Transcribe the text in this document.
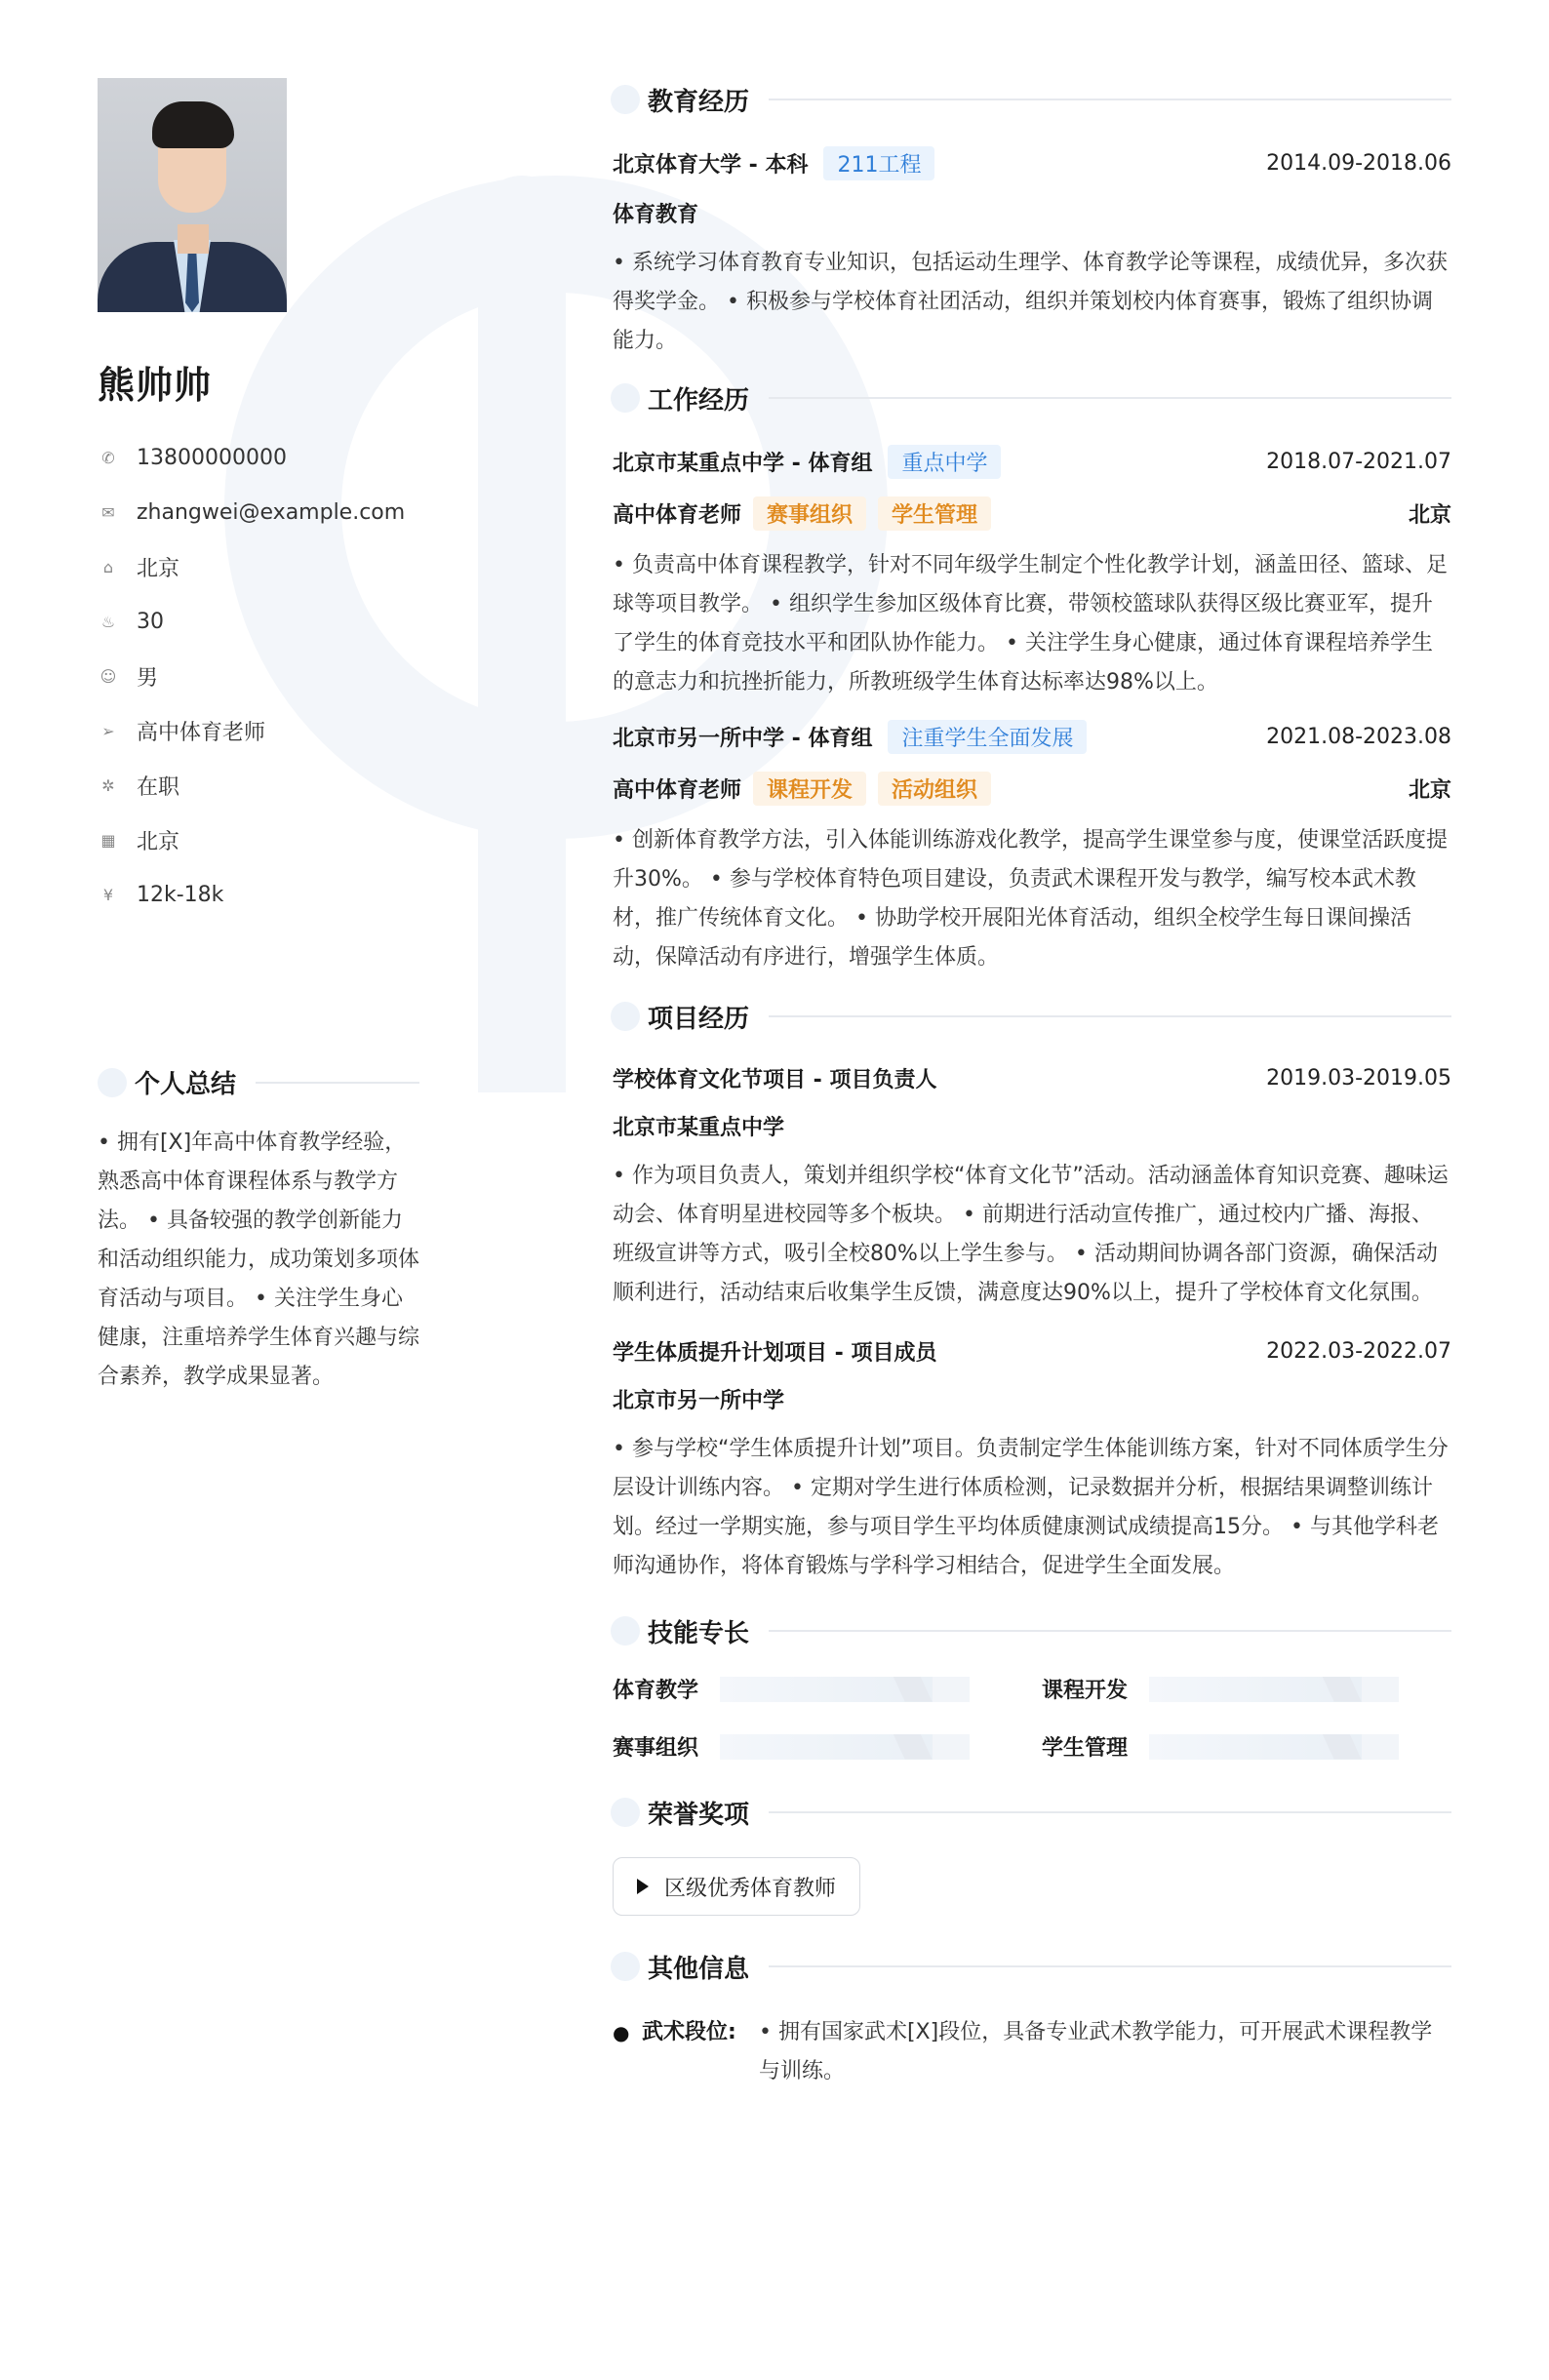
熊帅帅
✆ 13800000000
✉ zhangwei@example.com
⌂ 北京
♨ 30
☺ 男
➢ 高中体育老师
✲ 在职
▦ 北京
¥ 12k-18k
个人总结
• 拥有[X]年高中体育教学经验，熟悉高中体育课程体系与教学方法。 • 具备较强的教学创新能力和活动组织能力，成功策划多项体育活动与项目。 • 关注学生身心健康，注重培养学生体育兴趣与综合素养，教学成果显著。
教育经历
北京体育大学 - 本科	211工程	2014.09-2018.06
体育教育
• 系统学习体育教育专业知识，包括运动生理学、体育教学论等课程，成绩优异，多次获得奖学金。 • 积极参与学校体育社团活动，组织并策划校内体育赛事，锻炼了组织协调能力。
工作经历
北京市某重点中学 - 体育组	重点中学	2018.07-2021.07
高中体育老师	赛事组织	学生管理	北京
• 负责高中体育课程教学，针对不同年级学生制定个性化教学计划，涵盖田径、篮球、足球等项目教学。 • 组织学生参加区级体育比赛，带领校篮球队获得区级比赛亚军，提升了学生的体育竞技水平和团队协作能力。 • 关注学生身心健康，通过体育课程培养学生的意志力和抗挫折能力，所教班级学生体育达标率达98%以上。
北京市另一所中学 - 体育组	注重学生全面发展	2021.08-2023.08
高中体育老师	课程开发	活动组织	北京
• 创新体育教学方法，引入体能训练游戏化教学，提高学生课堂参与度，使课堂活跃度提升30%。 • 参与学校体育特色项目建设，负责武术课程开发与教学，编写校本武术教材，推广传统体育文化。 • 协助学校开展阳光体育活动，组织全校学生每日课间操活动，保障活动有序进行，增强学生体质。
项目经历
学校体育文化节项目 - 项目负责人	2019.03-2019.05
北京市某重点中学
• 作为项目负责人，策划并组织学校“体育文化节”活动。活动涵盖体育知识竞赛、趣味运动会、体育明星进校园等多个板块。 • 前期进行活动宣传推广，通过校内广播、海报、班级宣讲等方式，吸引全校80%以上学生参与。 • 活动期间协调各部门资源，确保活动顺利进行，活动结束后收集学生反馈，满意度达90%以上，提升了学校体育文化氛围。
学生体质提升计划项目 - 项目成员	2022.03-2022.07
北京市另一所中学
• 参与学校“学生体质提升计划”项目。负责制定学生体能训练方案，针对不同体质学生分层设计训练内容。 • 定期对学生进行体质检测，记录数据并分析，根据结果调整训练计划。经过一学期实施，参与项目学生平均体质健康测试成绩提高15分。 • 与其他学科老师沟通协作，将体育锻炼与学科学习相结合，促进学生全面发展。
技能专长
体育教学	课程开发
赛事组织	学生管理
荣誉奖项
区级优秀体育教师
其他信息
● 武术段位:	• 拥有国家武术[X]段位，具备专业武术教学能力，可开展武术课程教学与训练。
